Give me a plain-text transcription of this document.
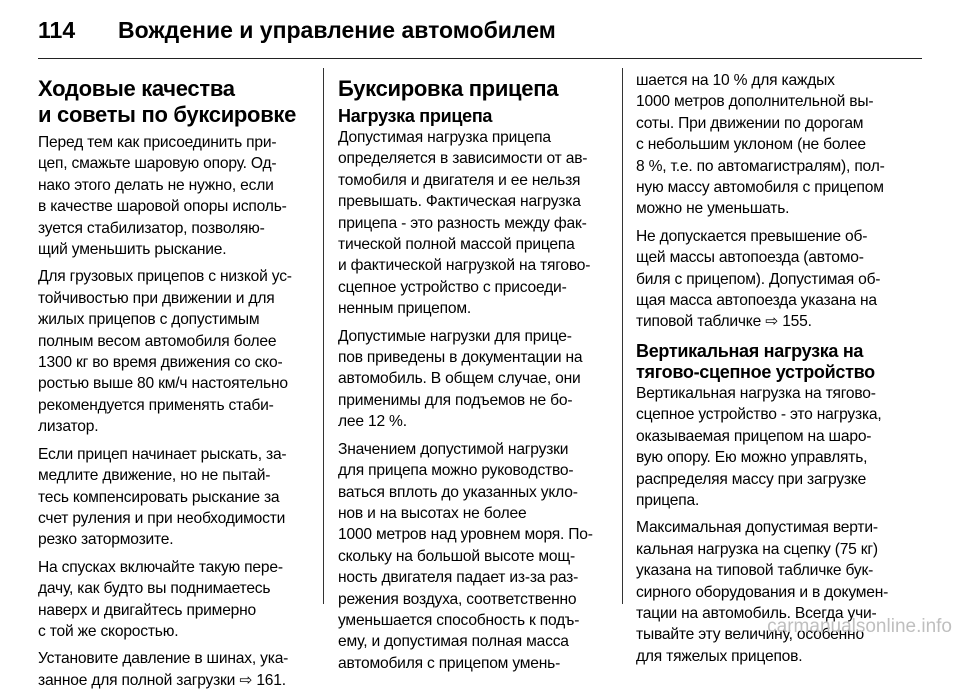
114	Вождение и управление автомобилем
Ходовые качества
и советы по буксировке

Перед тем как присоединить при-
цеп, смажьте шаровую опору. Од-
нако этого делать не нужно, если
в качестве шаровой опоры исполь-
зуется стабилизатор, позволяю-
щий уменьшить рыскание.

Для грузовых прицепов с низкой ус-
тойчивостью при движении и для
жилых прицепов с допустимым
полным весом автомобиля более
1300 кг во время движения со ско-
ростью выше 80 км/ч настоятельно
рекомендуется применять стаби-
лизатор.

Если прицеп начинает рыскать, за-
медлите движение, но не пытай-
тесь компенсировать рыскание за
счет руления и при необходимости
резко затормозите.

На спусках включайте такую пере-
дачу, как будто вы поднимаетесь
наверх и двигайтесь примерно
с той же скоростью.

Установите давление в шинах, ука-
занное для полной загрузки ⇨ 161.

Буксировка прицепа
Нагрузка прицепа

Допустимая нагрузка прицепа
определяется в зависимости от ав-
томобиля и двигателя и ее нельзя
превышать. Фактическая нагрузка
прицепа - это разность между фак-
тической полной массой прицепа
и фактической нагрузкой на тягово-
сцепное устройство с присоеди-
ненным прицепом.

Допустимые нагрузки для прице-
пов приведены в документации на
автомобиль. В общем случае, они
применимы для подъемов не бо-
лее 12 %.

Значением допустимой нагрузки
для прицепа можно руководство-
ваться вплоть до указанных укло-
нов и на высотах не более
1000 метров над уровнем моря. По-
скольку на большой высоте мощ-
ность двигателя падает из-за раз-
режения воздуха, соответственно
уменьшается способность к подъ-
ему, и допустимая полная масса
автомобиля с прицепом умень-

шается на 10 % для каждых
1000 метров дополнительной вы-
соты. При движении по дорогам
с небольшим уклоном (не более
8 %, т.е. по автомагистралям), пол-
ную массу автомобиля с прицепом
можно не уменьшать.

Не допускается превышение об-
щей массы автопоезда (автомо-
биля с прицепом). Допустимая об-
щая масса автопоезда указана на
типовой табличке ⇨ 155.

Вертикальная нагрузка на
тягово-сцепное устройство

Вертикальная нагрузка на тягово-
сцепное устройство - это нагрузка,
оказываемая прицепом на шаро-
вую опору. Ею можно управлять,
распределяя массу при загрузке
прицепа.

Максимальная допустимая верти-
кальная нагрузка на сцепку (75 кг)
указана на типовой табличке бук-
сирного оборудования и в докумен-
тации на автомобиль. Всегда учи-
тывайте эту величину, особенно
для тяжелых прицепов.

carmanualsonline.info
